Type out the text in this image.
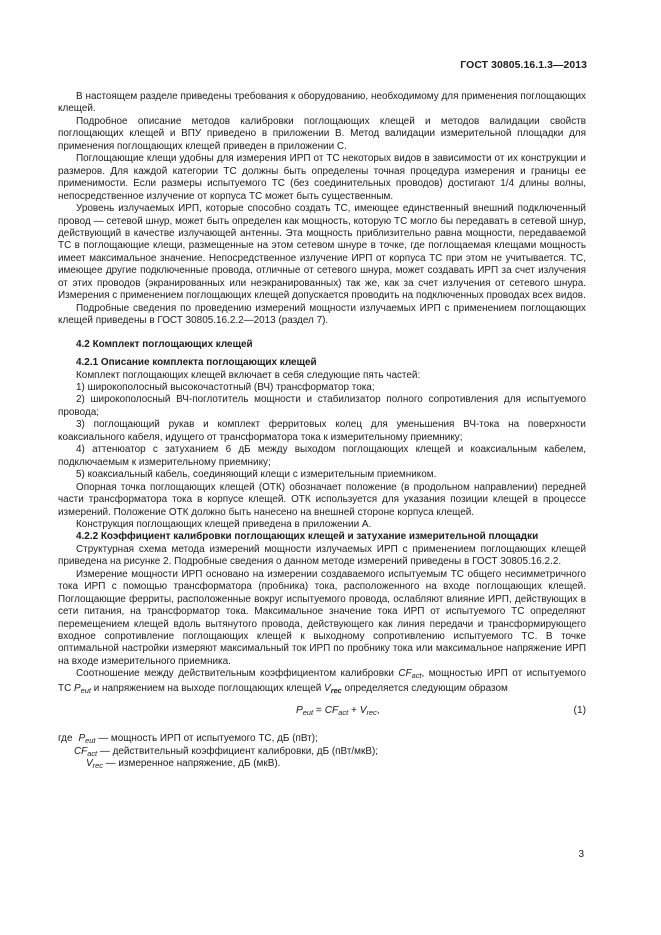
ГОСТ 30805.16.1.3—2013

В настоящем разделе приведены требования к оборудованию, необходимому для применения поглощающих клещей.

Подробное описание методов калибровки поглощающих клещей и методов валидации свойств поглощающих клещей и ВПУ приведено в приложении В. Метод валидации измерительной площадки для применения поглощающих клещей приведен в приложении С.

Поглощающие клещи удобны для измерения ИРП от ТС некоторых видов в зависимости от их конструкции и размеров. Для каждой категории ТС должны быть определены точная процедура измерения и границы ее применимости. Если размеры испытуемого ТС (без соединительных проводов) достигают 1/4 длины волны, непосредственное излучение от корпуса ТС может быть существенным.

Уровень излучаемых ИРП, которые способно создать ТС, имеющее единственный внешний подключенный провод — сетевой шнур, может быть определен как мощность, которую ТС могло бы передавать в сетевой шнур, действующий в качестве излучающей антенны. Эта мощность приблизительно равна мощности, передаваемой ТС в поглощающие клещи, размещенные на этом сетевом шнуре в точке, где поглощаемая клещами мощность имеет максимальное значение. Непосредственное излучение ИРП от корпуса ТС при этом не учитывается. ТС, имеющее другие подключенные провода, отличные от сетевого шнура, может создавать ИРП за счет излучения от этих проводов (экранированных или неэкранированных) так же, как за счет излучения от сетевого шнура. Измерения с применением поглощающих клещей допускается проводить на подключенных проводах всех видов.

Подробные сведения по проведению измерений мощности излучаемых ИРП с применением поглощающих клещей приведены в ГОСТ 30805.16.2.2—2013 (раздел 7).

4.2 Комплект поглощающих клещей

4.2.1 Описание комплекта поглощающих клещей

Комплект поглощающих клещей включает в себя следующие пять частей:

1) широкополосный высокочастотный (ВЧ) трансформатор тока;

2) широкополосный ВЧ-поглотитель мощности и стабилизатор полного сопротивления для испытуемого провода;

3) поглощающий рукав и комплект ферритовых колец для уменьшения ВЧ-тока на поверхности коаксиального кабеля, идущего от трансформатора тока к измерительному приемнику;

4) аттенюатор с затуханием 6 дБ между выходом поглощающих клещей и коаксиальным кабелем, подключаемым к измерительному приемнику;

5) коаксиальный кабель, соединяющий клещи с измерительным приемником.

Опорная точка поглощающих клещей (ОТК) обозначает положение (в продольном направлении) передней части трансформатора тока в корпусе клещей. ОТК используется для указания позиции клещей в процессе измерений. Положение ОТК должно быть нанесено на внешней стороне корпуса клещей.

Конструкция поглощающих клещей приведена в приложении А.

4.2.2 Коэффициент калибровки поглощающих клещей и затухание измерительной площадки

Структурная схема метода измерений мощности излучаемых ИРП с применением поглощающих клещей приведена на рисунке 2. Подробные сведения о данном методе измерений приведены в ГОСТ 30805.16.2.2.

Измерение мощности ИРП основано на измерении создаваемого испытуемым ТС общего несимметричного тока ИРП с помощью трансформатора (пробника) тока, расположенного на входе поглощающих клещей. Поглощающие ферриты, расположенные вокруг испытуемого провода, ослабляют влияние ИРП, действующих в сети питания, на трансформатор тока. Максимальное значение тока ИРП от испытуемого ТС определяют перемещением клещей вдоль вытянутого провода, действующего как линия передачи и трансформирующего входное сопротивление поглощающих клещей к выходному сопротивлению испытуемого ТС. В точке оптимальной настройки измеряют максимальный ток ИРП по пробнику тока или максимальное напряжение ИРП на входе измерительного приемника.

Соотношение между действительным коэффициентом калибровки $CF_{act}$, мощностью ИРП от испытуемого ТС $P_{eut}$ и напряжением на выходе поглощающих клещей $V_{rec}$ определяется следующим образом

$P_{eut} = CF_{act} + V_{rec}$,	(1)
где $P_{eut}$ — мощность ИРП от испытуемого ТС, дБ (пВт);
$CF_{act}$ — действительный коэффициент калибровки, дБ (пВт/мкВ);
$V_{rec}$ — измеренное напряжение, дБ (мкВ).
3
